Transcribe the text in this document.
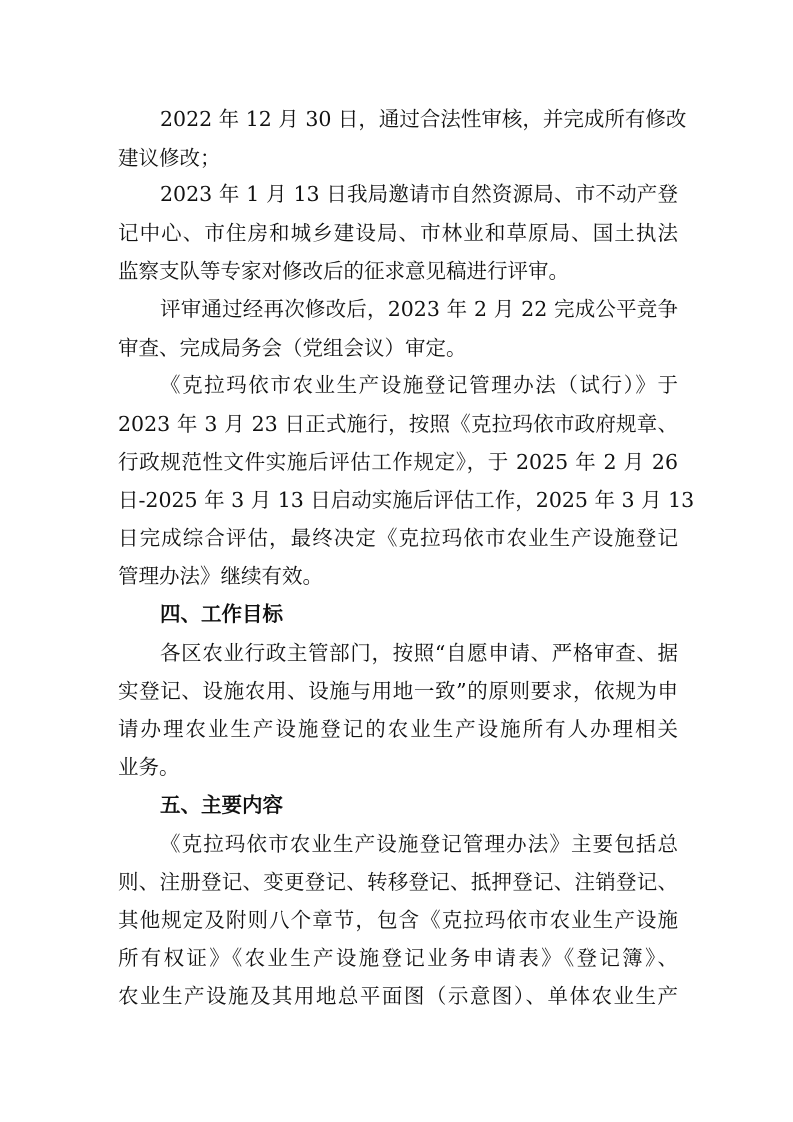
2022 年 12 月 30 日，通过合法性审核，并完成所有修改
建议修改；
2023 年 1 月 13 日我局邀请市自然资源局、市不动产登
记中心、市住房和城乡建设局、市林业和草原局、国土执法
监察支队等专家对修改后的征求意见稿进行评审。
评审通过经再次修改后，2023 年 2 月 22 完成公平竞争
审查、完成局务会（党组会议）审定。
《克拉玛依市农业生产设施登记管理办法（试行）》于
2023 年 3 月 23 日正式施行，按照《克拉玛依市政府规章、
行政规范性文件实施后评估工作规定》，于 2025 年 2 月 26
日-2025 年 3 月 13 日启动实施后评估工作，2025 年 3 月 13
日完成综合评估，最终决定《克拉玛依市农业生产设施登记
管理办法》继续有效。
四、工作目标
各区农业行政主管部门，按照“自愿申请、严格审查、据
实登记、设施农用、设施与用地一致”的原则要求，依规为申
请办理农业生产设施登记的农业生产设施所有人办理相关
业务。
五、主要内容
《克拉玛依市农业生产设施登记管理办法》主要包括总
则、注册登记、变更登记、转移登记、抵押登记、注销登记、
其他规定及附则八个章节，包含《克拉玛依市农业生产设施
所有权证》《农业生产设施登记业务申请表》《登记簿》、
农业生产设施及其用地总平面图（示意图）、单体农业生产
